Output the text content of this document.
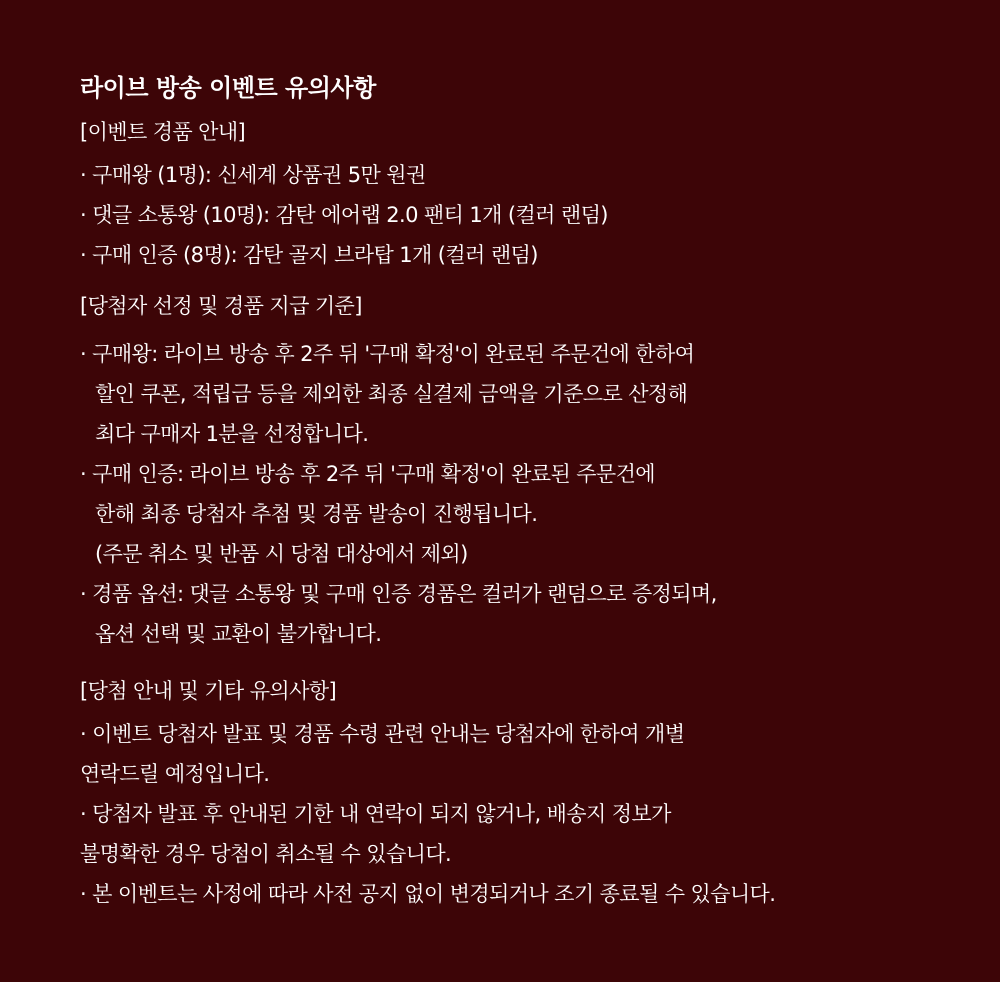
라이브 방송 이벤트 유의사항
[이벤트 경품 안내]
· 구매왕 (1명): 신세계 상품권 5만 원권
· 댓글 소통왕 (10명): 감탄 에어랩 2.0 팬티 1개 (컬러 랜덤)
· 구매 인증 (8명): 감탄 골지 브라탑 1개 (컬러 랜덤)
[당첨자 선정 및 경품 지급 기준]
· 구매왕: 라이브 방송 후 2주 뒤 '구매 확정'이 완료된 주문건에 한하여
할인 쿠폰, 적립금 등을 제외한 최종 실결제 금액을 기준으로 산정해
최다 구매자 1분을 선정합니다.
· 구매 인증: 라이브 방송 후 2주 뒤 '구매 확정'이 완료된 주문건에
한해 최종 당첨자 추첨 및 경품 발송이 진행됩니다.
(주문 취소 및 반품 시 당첨 대상에서 제외)
· 경품 옵션: 댓글 소통왕 및 구매 인증 경품은 컬러가 랜덤으로 증정되며,
옵션 선택 및 교환이 불가합니다.
[당첨 안내 및 기타 유의사항]
· 이벤트 당첨자 발표 및 경품 수령 관련 안내는 당첨자에 한하여 개별
연락드릴 예정입니다.
· 당첨자 발표 후 안내된 기한 내 연락이 되지 않거나, 배송지 정보가
불명확한 경우 당첨이 취소될 수 있습니다.
· 본 이벤트는 사정에 따라 사전 공지 없이 변경되거나 조기 종료될 수 있습니다.
